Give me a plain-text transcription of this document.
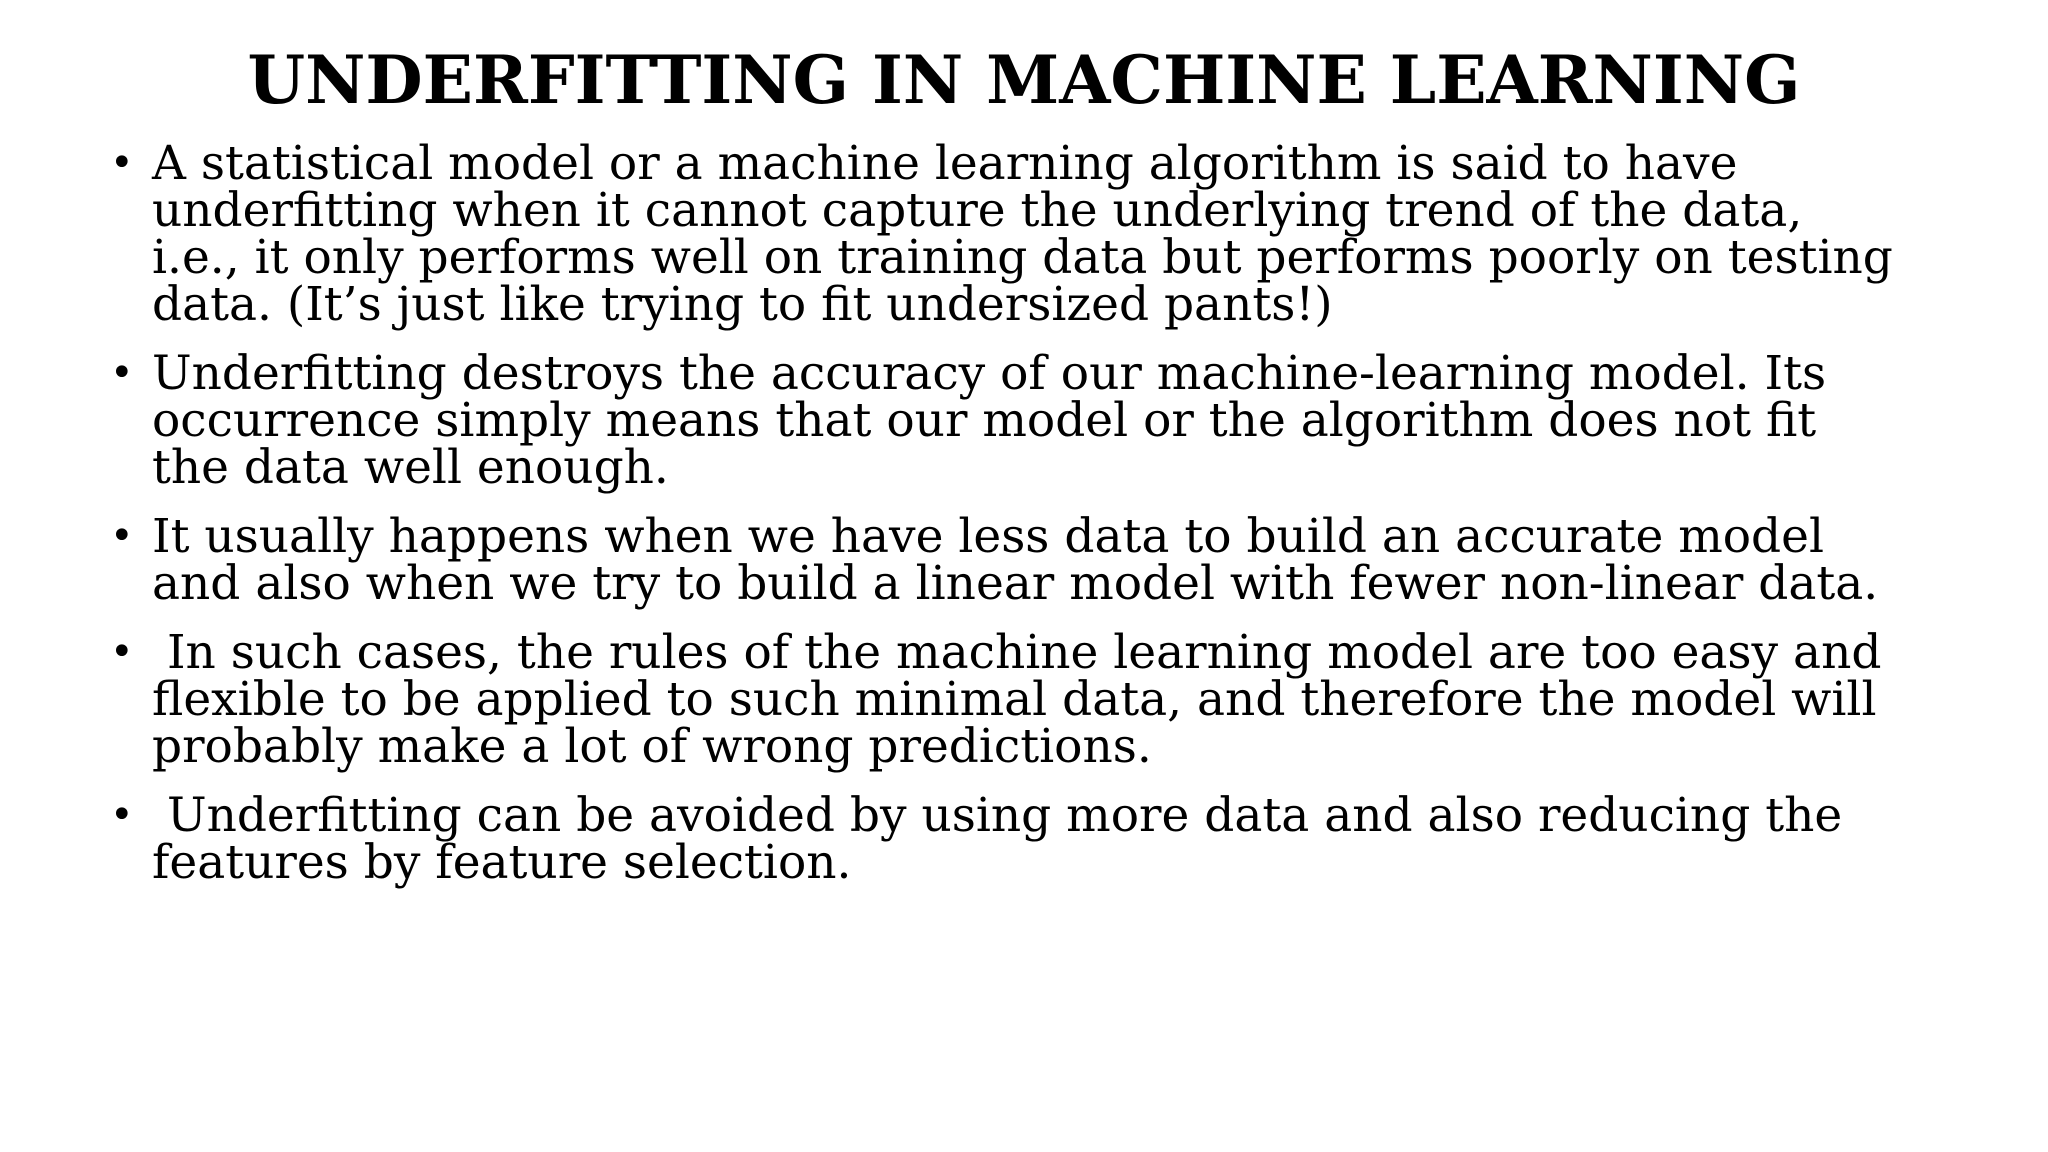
UNDERFITTING IN MACHINE LEARNING
• A statistical model or a machine learning algorithm is said to have underfitting when it cannot capture the underlying trend of the data, i.e., it only performs well on training data but performs poorly on testing data. (It’s just like trying to fit undersized pants!)
• Underfitting destroys the accuracy of our machine-learning model. Its occurrence simply means that our model or the algorithm does not fit the data well enough.
• It usually happens when we have less data to build an accurate model and also when we try to build a linear model with fewer non-linear data.
• In such cases, the rules of the machine learning model are too easy and flexible to be applied to such minimal data, and therefore the model will probably make a lot of wrong predictions.
• Underfitting can be avoided by using more data and also reducing the features by feature selection.
